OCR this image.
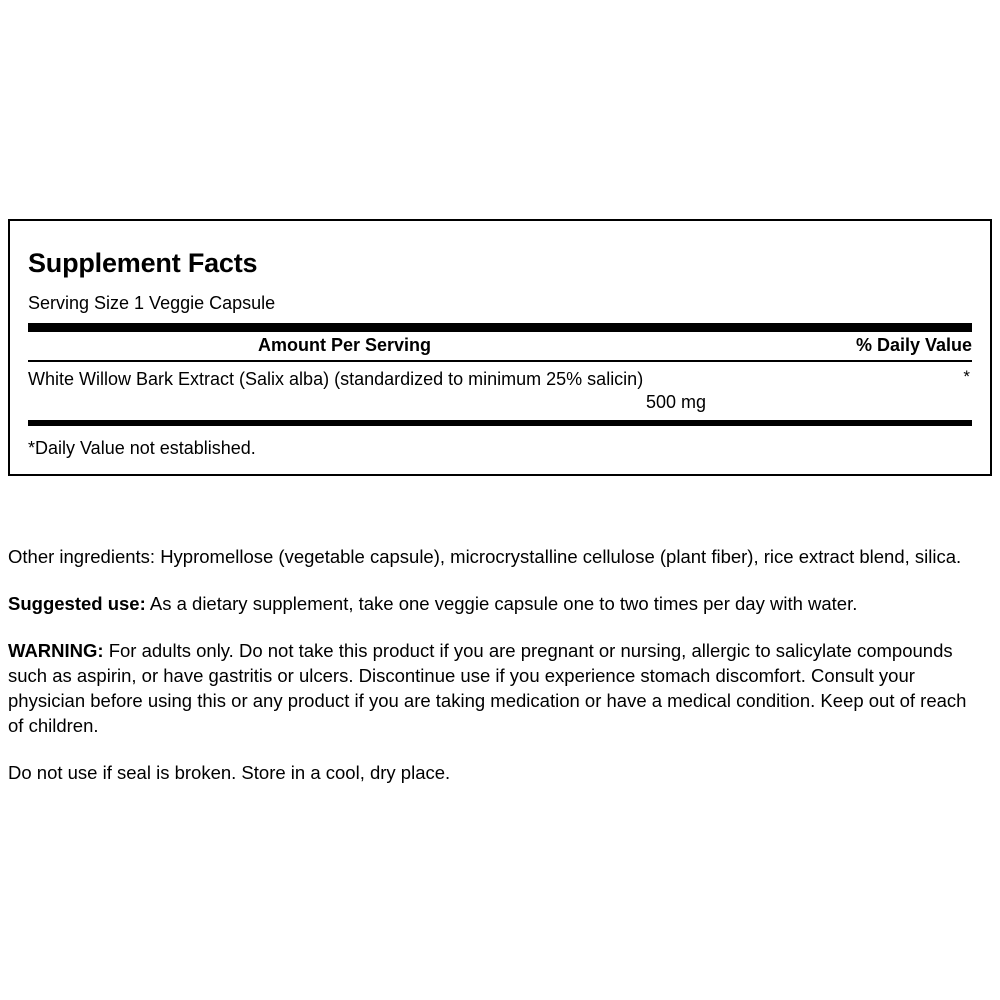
Supplement Facts
Serving Size 1 Veggie Capsule
Amount Per Serving	% Daily Value
White Willow Bark Extract (Salix alba) (standardized to minimum 25% salicin)
500 mg
*
*Daily Value not established.

Other ingredients: Hypromellose (vegetable capsule), microcrystalline cellulose (plant fiber), rice extract blend, silica.

Suggested use: As a dietary supplement, take one veggie capsule one to two times per day with water.

WARNING: For adults only. Do not take this product if you are pregnant or nursing, allergic to salicylate compounds such as aspirin, or have gastritis or ulcers. Discontinue use if you experience stomach discomfort. Consult your physician before using this or any product if you are taking medication or have a medical condition. Keep out of reach of children.

Do not use if seal is broken. Store in a cool, dry place.
